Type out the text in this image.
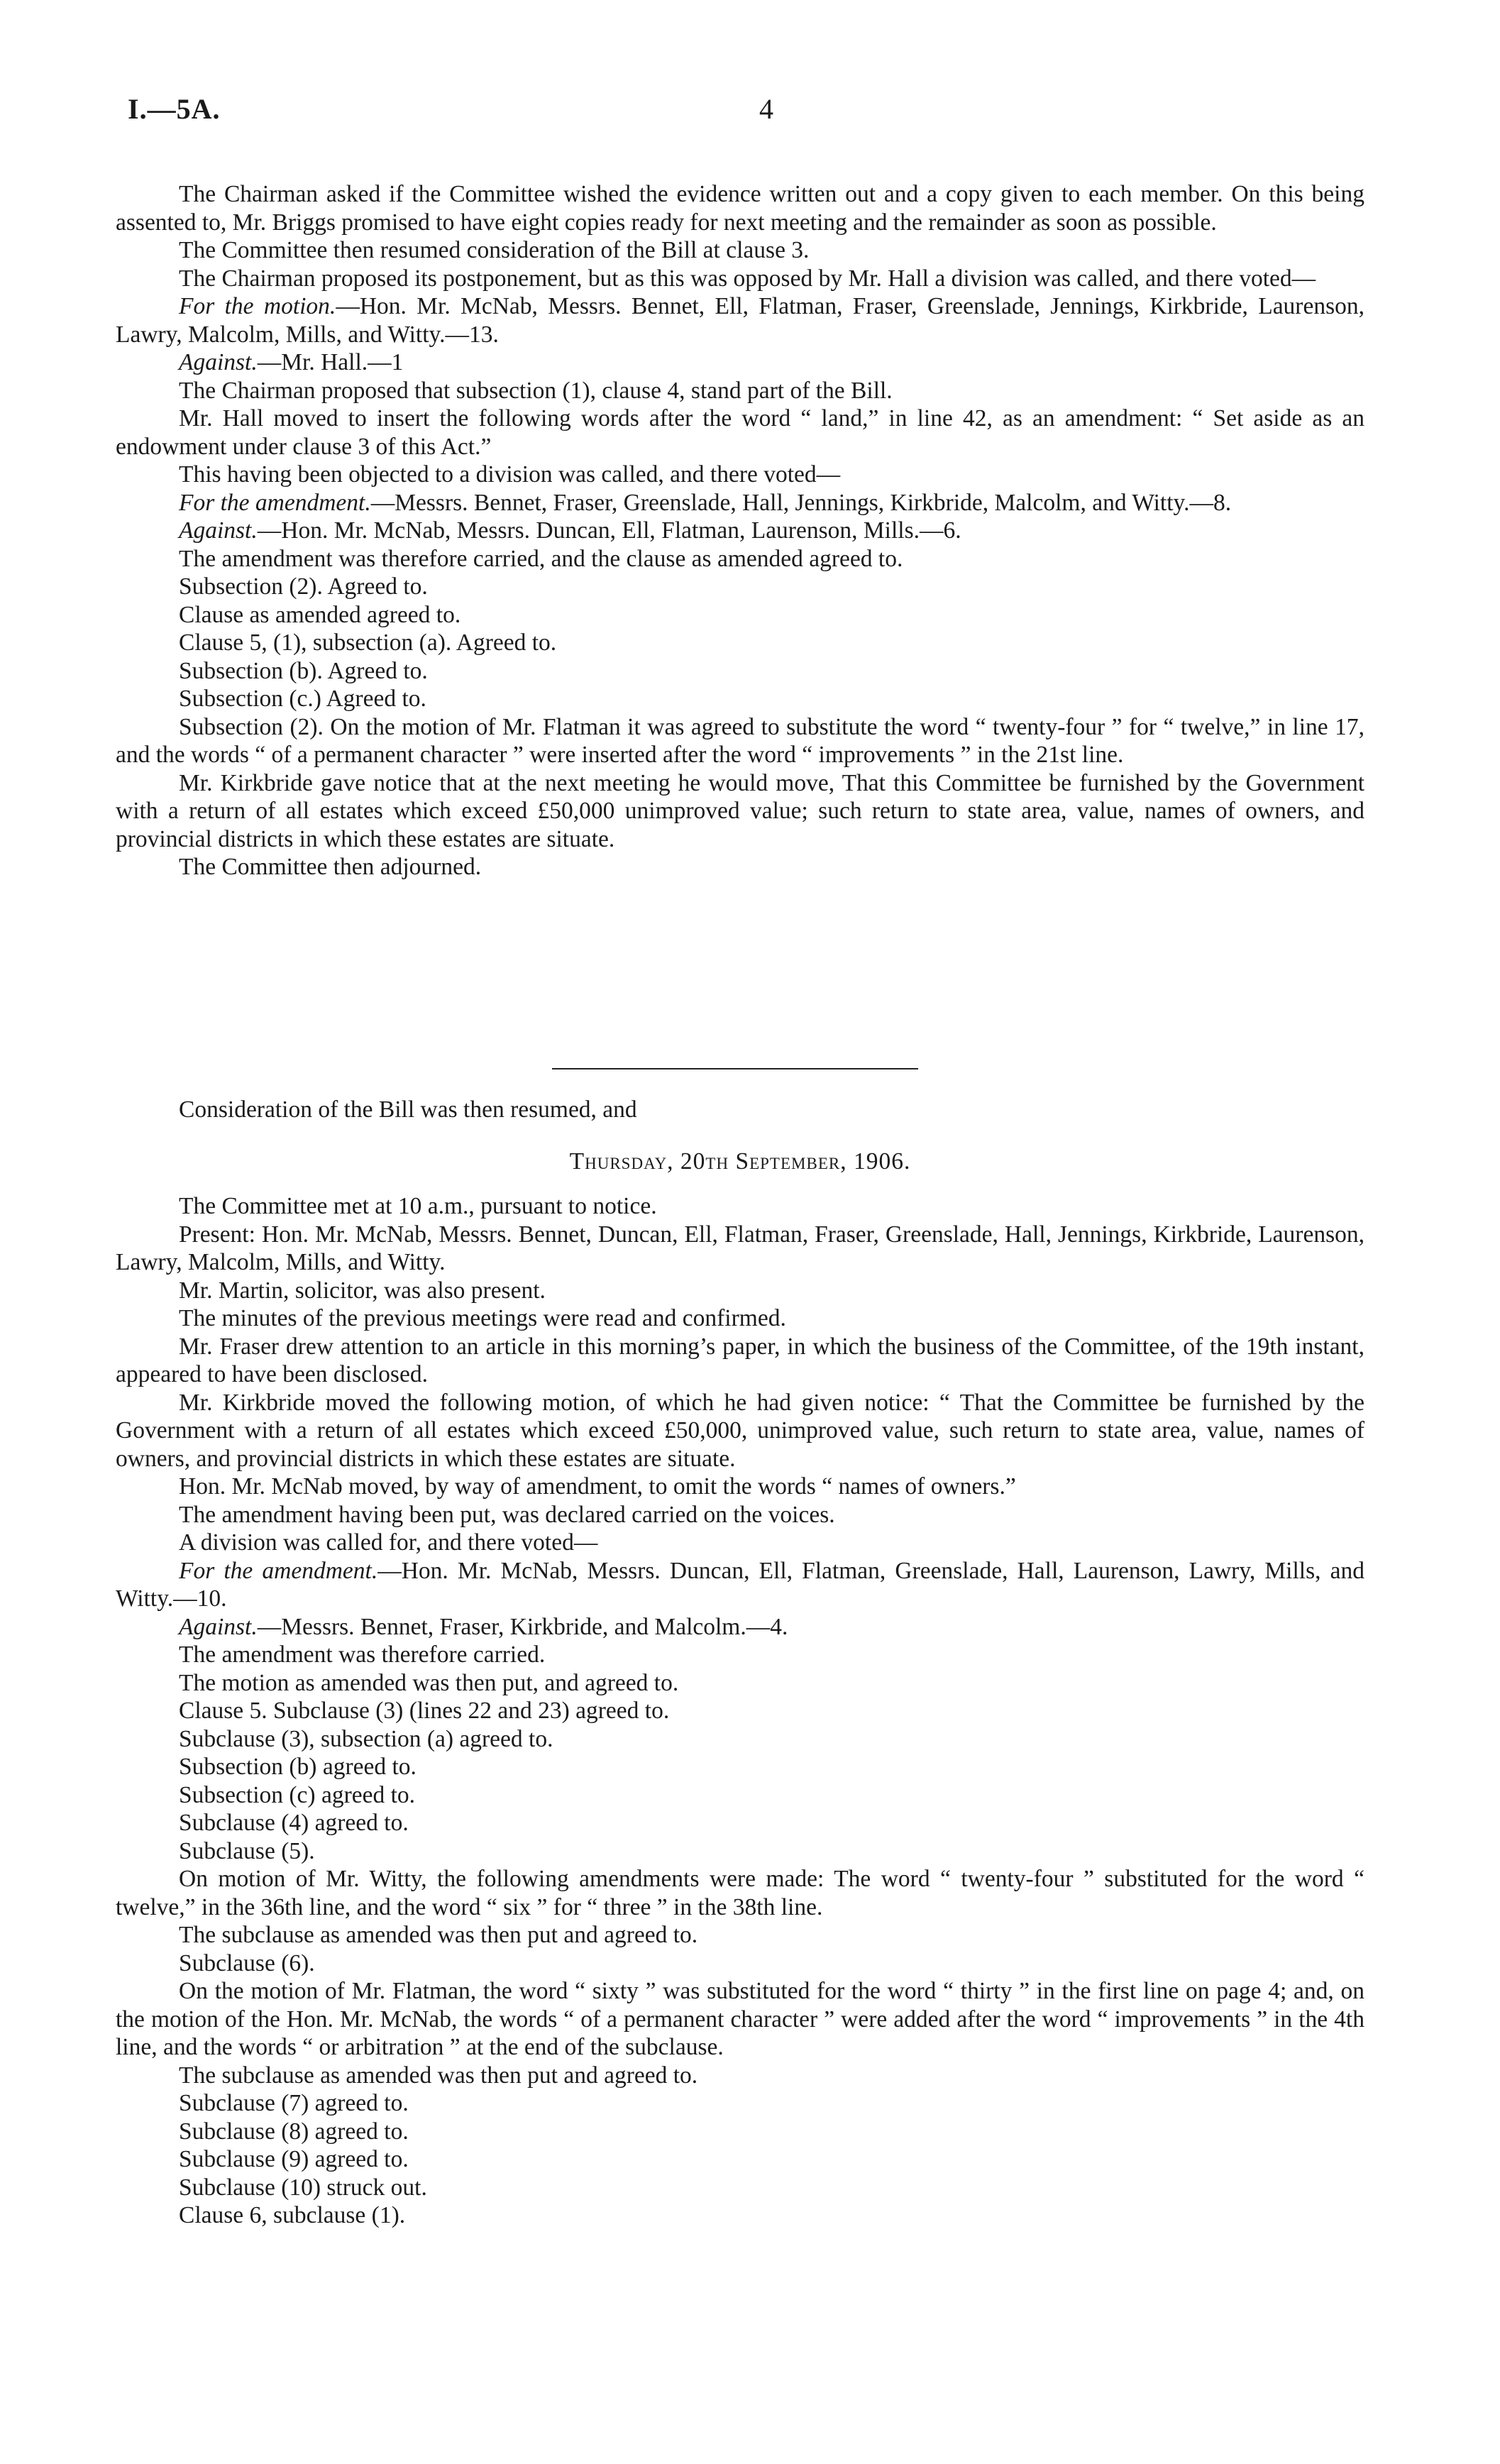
I.—5A.	4

The Chairman asked if the Committee wished the evidence written out and a copy given to each member. On this being assented to, Mr. Briggs promised to have eight copies ready for next meeting and the remainder as soon as possible.

The Committee then resumed consideration of the Bill at clause 3.

The Chairman proposed its postponement, but as this was opposed by Mr. Hall a division was called, and there voted—

For the motion.—Hon. Mr. McNab, Messrs. Bennet, Ell, Flatman, Fraser, Greenslade, Jennings, Kirkbride, Laurenson, Lawry, Malcolm, Mills, and Witty.—13.

Against.—Mr. Hall.—1

The Chairman proposed that subsection (1), clause 4, stand part of the Bill.

Mr. Hall moved to insert the following words after the word “ land,” in line 42, as an amendment: “ Set aside as an endowment under clause 3 of this Act.”

This having been objected to a division was called, and there voted—

For the amendment.—Messrs. Bennet, Fraser, Greenslade, Hall, Jennings, Kirkbride, Malcolm, and Witty.—8.

Against.—Hon. Mr. McNab, Messrs. Duncan, Ell, Flatman, Laurenson, Mills.—6.

The amendment was therefore carried, and the clause as amended agreed to.

Subsection (2). Agreed to.

Clause as amended agreed to.

Clause 5, (1), subsection (a). Agreed to.

Subsection (b). Agreed to.

Subsection (c.) Agreed to.

Subsection (2). On the motion of Mr. Flatman it was agreed to substitute the word “ twenty-four ” for “ twelve,” in line 17, and the words “ of a permanent character ” were inserted after the word “ improvements ” in the 21st line.

Mr. Kirkbride gave notice that at the next meeting he would move, That this Committee be furnished by the Government with a return of all estates which exceed £50,000 unimproved value; such return to state area, value, names of owners, and provincial districts in which these estates are situate.

The Committee then adjourned.

Consideration of the Bill was then resumed, and
Thursday, 20th September, 1906.

The Committee met at 10 a.m., pursuant to notice.

Present: Hon. Mr. McNab, Messrs. Bennet, Duncan, Ell, Flatman, Fraser, Greenslade, Hall, Jennings, Kirkbride, Laurenson, Lawry, Malcolm, Mills, and Witty.

Mr. Martin, solicitor, was also present.

The minutes of the previous meetings were read and confirmed.

Mr. Fraser drew attention to an article in this morning’s paper, in which the business of the Committee, of the 19th instant, appeared to have been disclosed.

Mr. Kirkbride moved the following motion, of which he had given notice: “ That the Committee be furnished by the Government with a return of all estates which exceed £50,000, unimproved value, such return to state area, value, names of owners, and provincial districts in which these estates are situate.

Hon. Mr. McNab moved, by way of amendment, to omit the words “ names of owners.”

The amendment having been put, was declared carried on the voices.

A division was called for, and there voted—

For the amendment.—Hon. Mr. McNab, Messrs. Duncan, Ell, Flatman, Greenslade, Hall, Laurenson, Lawry, Mills, and Witty.—10.

Against.—Messrs. Bennet, Fraser, Kirkbride, and Malcolm.—4.

The amendment was therefore carried.

The motion as amended was then put, and agreed to.

Clause 5. Subclause (3) (lines 22 and 23) agreed to.

Subclause (3), subsection (a) agreed to.

Subsection (b) agreed to.

Subsection (c) agreed to.

Subclause (4) agreed to.

Subclause (5).

On motion of Mr. Witty, the following amendments were made: The word “ twenty-four ” substituted for the word “ twelve,” in the 36th line, and the word “ six ” for “ three ” in the 38th line.

The subclause as amended was then put and agreed to.

Subclause (6).

On the motion of Mr. Flatman, the word “ sixty ” was substituted for the word “ thirty ” in the first line on page 4; and, on the motion of the Hon. Mr. McNab, the words “ of a permanent character ” were added after the word “ improvements ” in the 4th line, and the words “ or arbitration ” at the end of the subclause.

The subclause as amended was then put and agreed to.

Subclause (7) agreed to.

Subclause (8) agreed to.

Subclause (9) agreed to.

Subclause (10) struck out.

Clause 6, subclause (1).
